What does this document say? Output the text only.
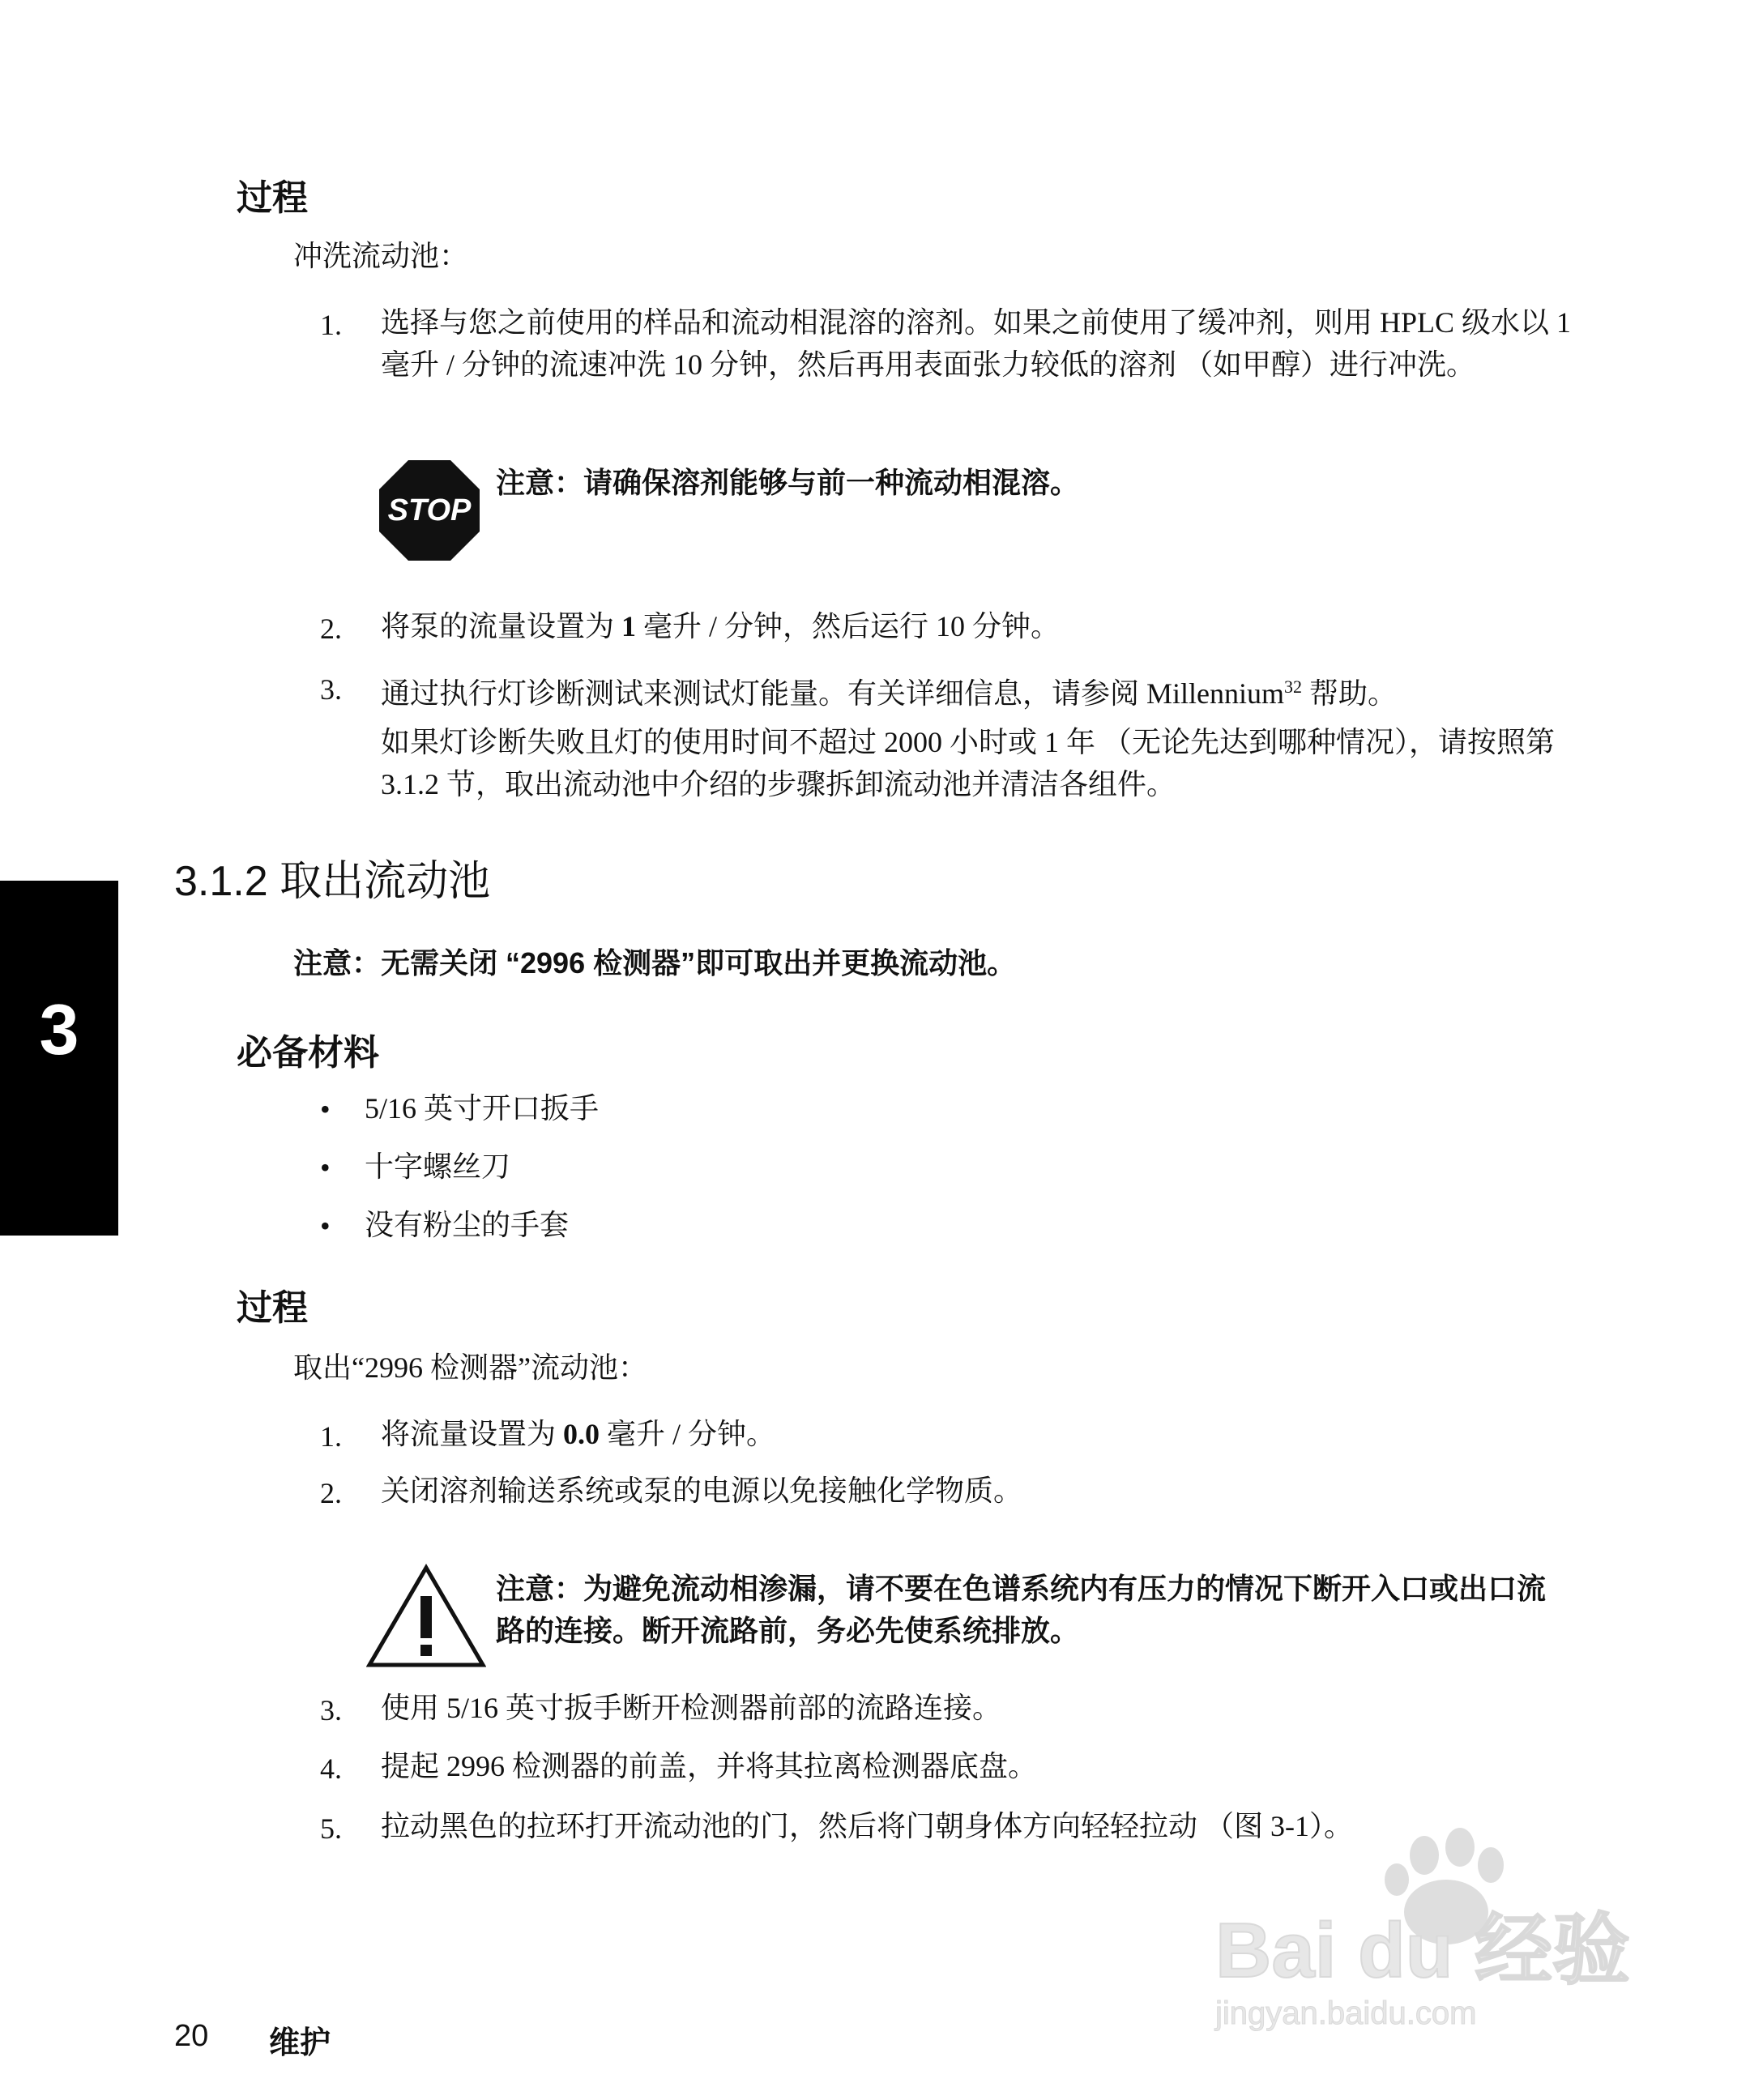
过程

冲洗流动池：

1.	选择与您之前使用的样品和流动相混溶的溶剂。如果之前使用了缓冲剂，则用 HPLC 级水以 1 毫升 / 分钟的流速冲洗 10 分钟，然后再用表面张力较低的溶剂 （如甲醇）进行冲洗。

STOP

注意：请确保溶剂能够与前一种流动相混溶。

2.	将泵的流量设置为 1 毫升 / 分钟，然后运行 10 分钟。

3.	通过执行灯诊断测试来测试灯能量。有关详细信息，请参阅 Millennium$^{32}$ 帮助。

如果灯诊断失败且灯的使用时间不超过 2000 小时或 1 年 （无论先达到哪种情况），请按照第 3.1.2 节，取出流动池中介绍的步骤拆卸流动池并清洁各组件。

3.1.2 取出流动池

注意：无需关闭 “2996 检测器”即可取出并更换流动池。

必备材料
• 5/16 英寸开口扳手

• 十字螺丝刀

• 没有粉尘的手套

过程

取出“2996 检测器”流动池：

1.	将流量设置为 0.0 毫升 / 分钟。

2.	关闭溶剂输送系统或泵的电源以免接触化学物质。

注意：为避免流动相渗漏，请不要在色谱系统内有压力的情况下断开入口或出口流路的连接。断开流路前，务必先使系统排放。

3.	使用 5/16 英寸扳手断开检测器前部的流路连接。

4.	提起 2996 检测器的前盖，并将其拉离检测器底盘。

5.	拉动黑色的拉环打开流动池的门，然后将门朝身体方向轻轻拉动 （图 3-1）。

3
20 维护
Bai du 经验
jingyan.baidu.com
